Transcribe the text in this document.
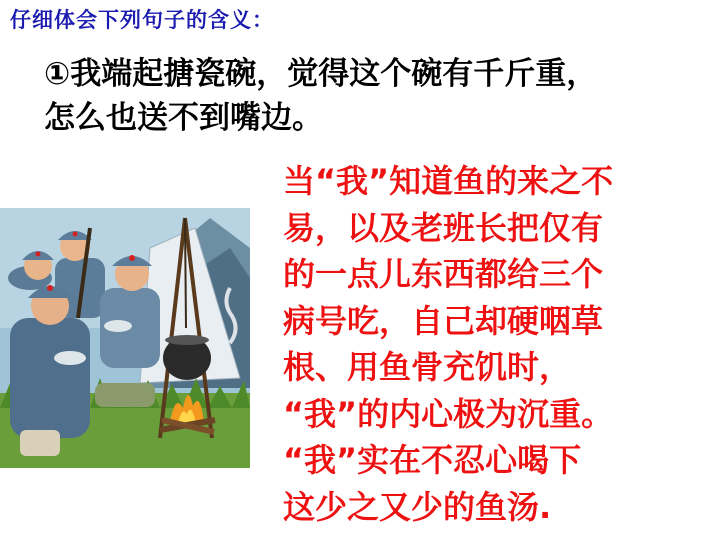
仔细体会下列句子的含义：
①我端起搪瓷碗，觉得这个碗有千斤重，
怎么也送不到嘴边。
当“我”知道鱼的来之不
易，以及老班长把仅有
的一点儿东西都给三个
病号吃，自己却硬咽草
根、用鱼骨充饥时，
“我”的内心极为沉重。
“我”实在不忍心喝下
这少之又少的鱼汤.
